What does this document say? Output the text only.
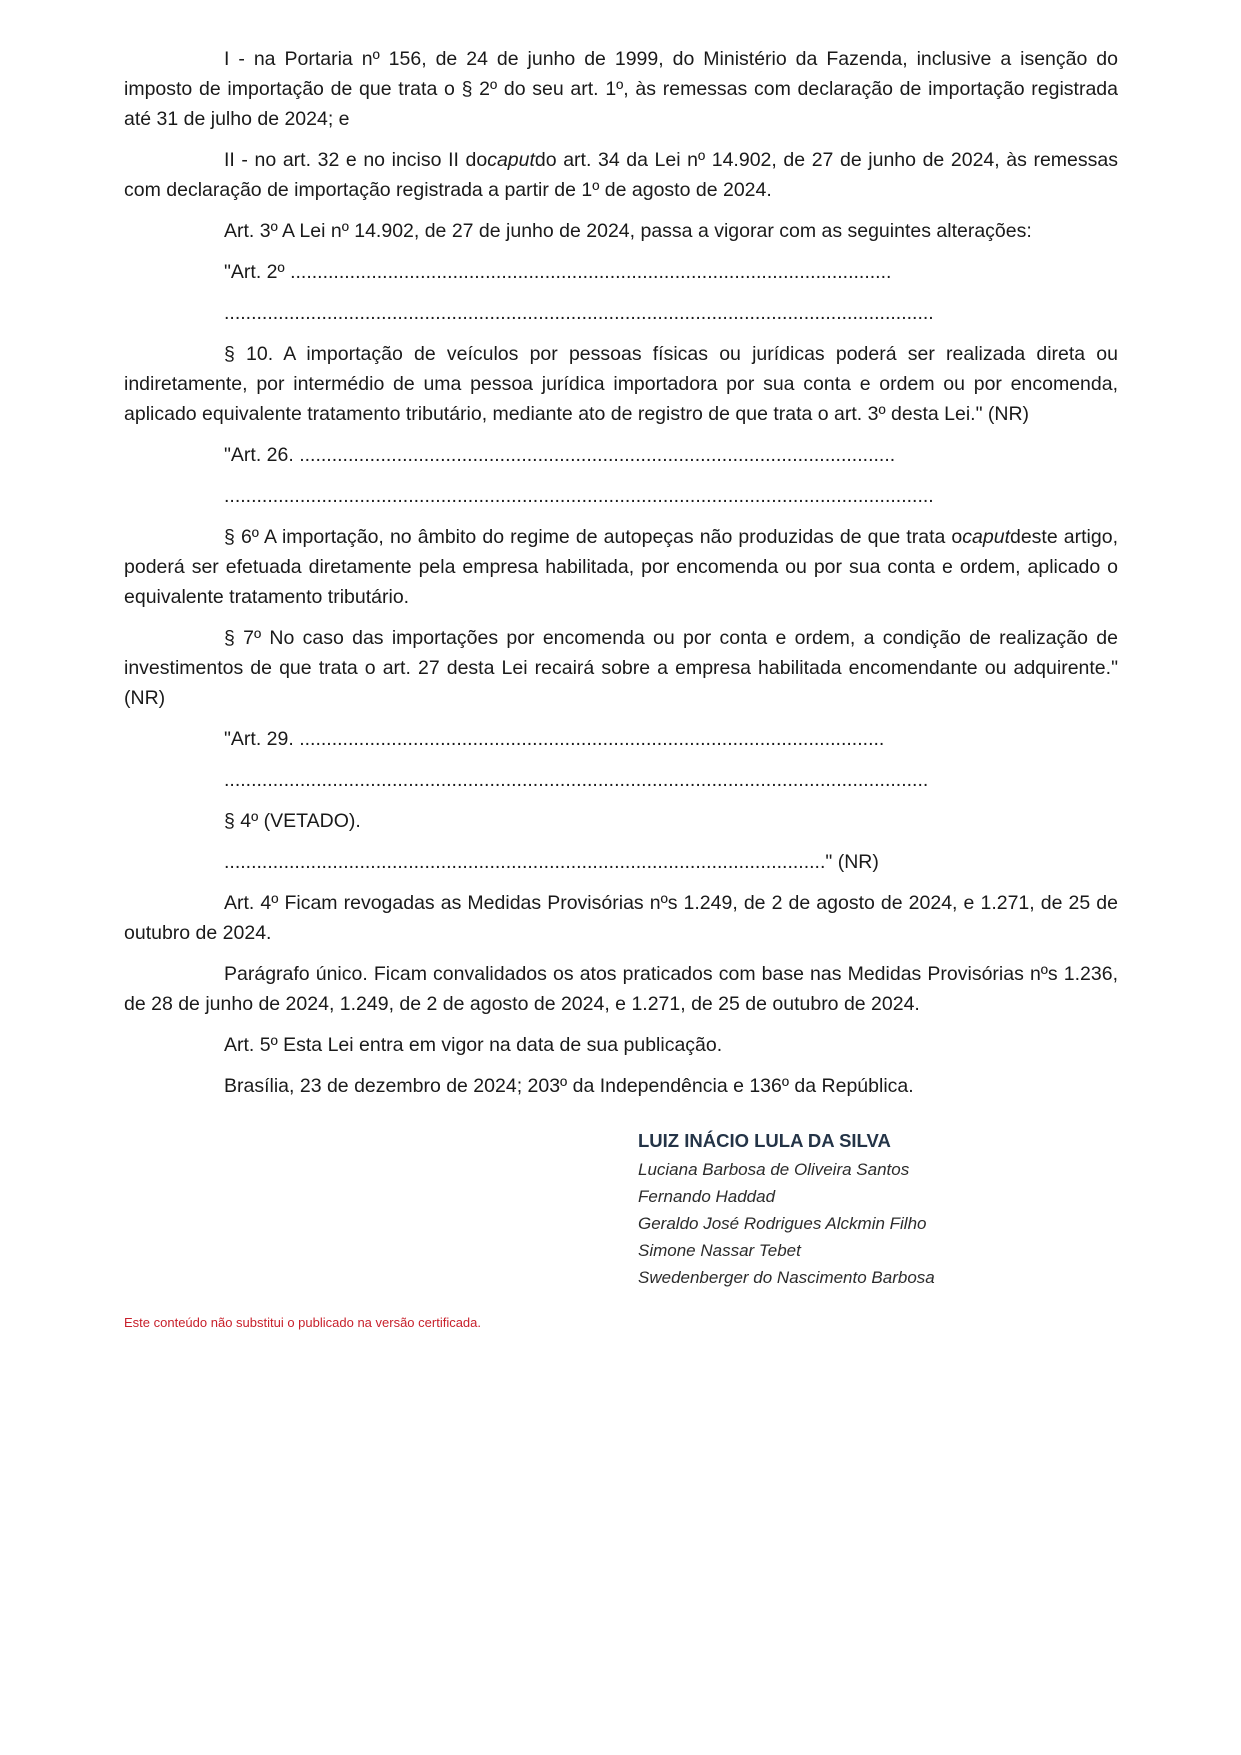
I - na Portaria nº 156, de 24 de junho de 1999, do Ministério da Fazenda, inclusive a isenção do imposto de importação de que trata o § 2º do seu art. 1º, às remessas com declaração de importação registrada até 31 de julho de 2024; e

II - no art. 32 e no inciso II docaputdo art. 34 da Lei nº 14.902, de 27 de junho de 2024, às remessas com declaração de importação registrada a partir de 1º de agosto de 2024.

Art. 3º A Lei nº 14.902, de 27 de junho de 2024, passa a vigorar com as seguintes alterações:

"Art. 2º ...............................................................................................................

...................................................................................................................................

§ 10. A importação de veículos por pessoas físicas ou jurídicas poderá ser realizada direta ou indiretamente, por intermédio de uma pessoa jurídica importadora por sua conta e ordem ou por encomenda, aplicado equivalente tratamento tributário, mediante ato de registro de que trata o art. 3º desta Lei." (NR)

"Art. 26. ..............................................................................................................

...................................................................................................................................

§ 6º A importação, no âmbito do regime de autopeças não produzidas de que trata ocaputdeste artigo, poderá ser efetuada diretamente pela empresa habilitada, por encomenda ou por sua conta e ordem, aplicado o equivalente tratamento tributário.

§ 7º No caso das importações por encomenda ou por conta e ordem, a condição de realização de investimentos de que trata o art. 27 desta Lei recairá sobre a empresa habilitada encomendante ou adquirente." (NR)

"Art. 29. ............................................................................................................

..................................................................................................................................

§ 4º (VETADO).

..............................................................................................................." (NR)

Art. 4º Ficam revogadas as Medidas Provisórias nºs 1.249, de 2 de agosto de 2024, e 1.271, de 25 de outubro de 2024.

Parágrafo único. Ficam convalidados os atos praticados com base nas Medidas Provisórias nºs 1.236, de 28 de junho de 2024, 1.249, de 2 de agosto de 2024, e 1.271, de 25 de outubro de 2024.

Art. 5º Esta Lei entra em vigor na data de sua publicação.

Brasília, 23 de dezembro de 2024; 203º da Independência e 136º da República.

LUIZ INÁCIO LULA DA SILVA
Luciana Barbosa de Oliveira Santos
Fernando Haddad
Geraldo José Rodrigues Alckmin Filho
Simone Nassar Tebet
Swedenberger do Nascimento Barbosa
Este conteúdo não substitui o publicado na versão certificada.
